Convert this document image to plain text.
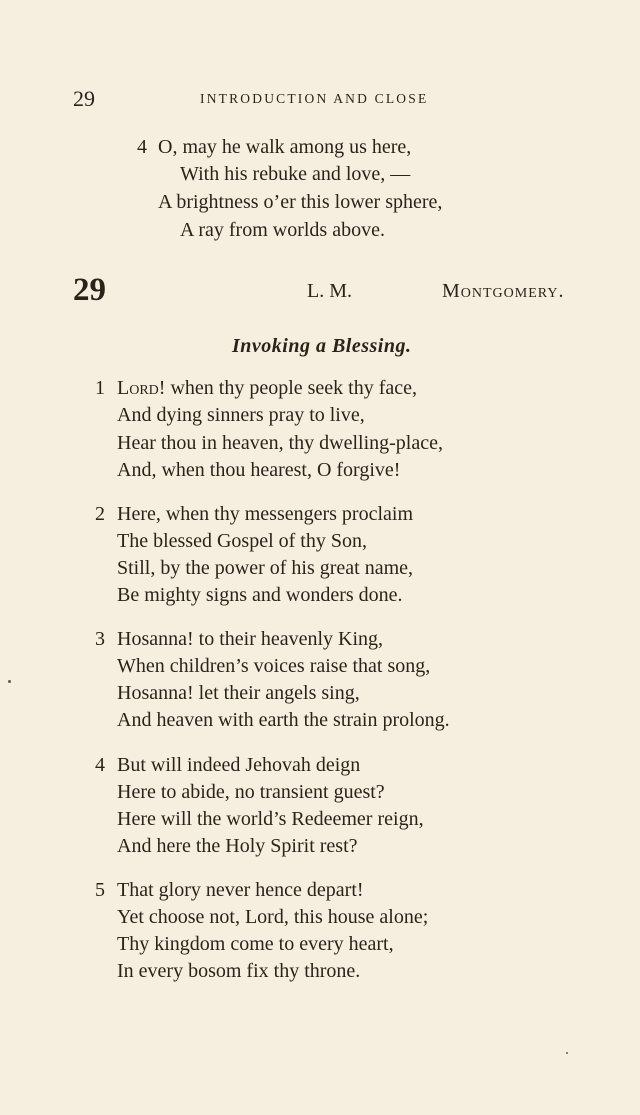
29	INTRODUCTION AND CLOSE
4 O, may he walk among us here,
With his rebuke and love, —
A brightness o’er this lower sphere,
A ray from worlds above.
29	L. M.	Montgomery.
Invoking a Blessing.
1 Lord! when thy people seek thy face,
And dying sinners pray to live,
Hear thou in heaven, thy dwelling-place,
And, when thou hearest, O forgive!
2 Here, when thy messengers proclaim
The blessed Gospel of thy Son,
Still, by the power of his great name,
Be mighty signs and wonders done.
3 Hosanna! to their heavenly King,
When children’s voices raise that song,
Hosanna! let their angels sing,
And heaven with earth the strain prolong.
4 But will indeed Jehovah deign
Here to abide, no transient guest?
Here will the world’s Redeemer reign,
And here the Holy Spirit rest?
5 That glory never hence depart!
Yet choose not, Lord, this house alone;
Thy kingdom come to every heart,
In every bosom fix thy throne.
